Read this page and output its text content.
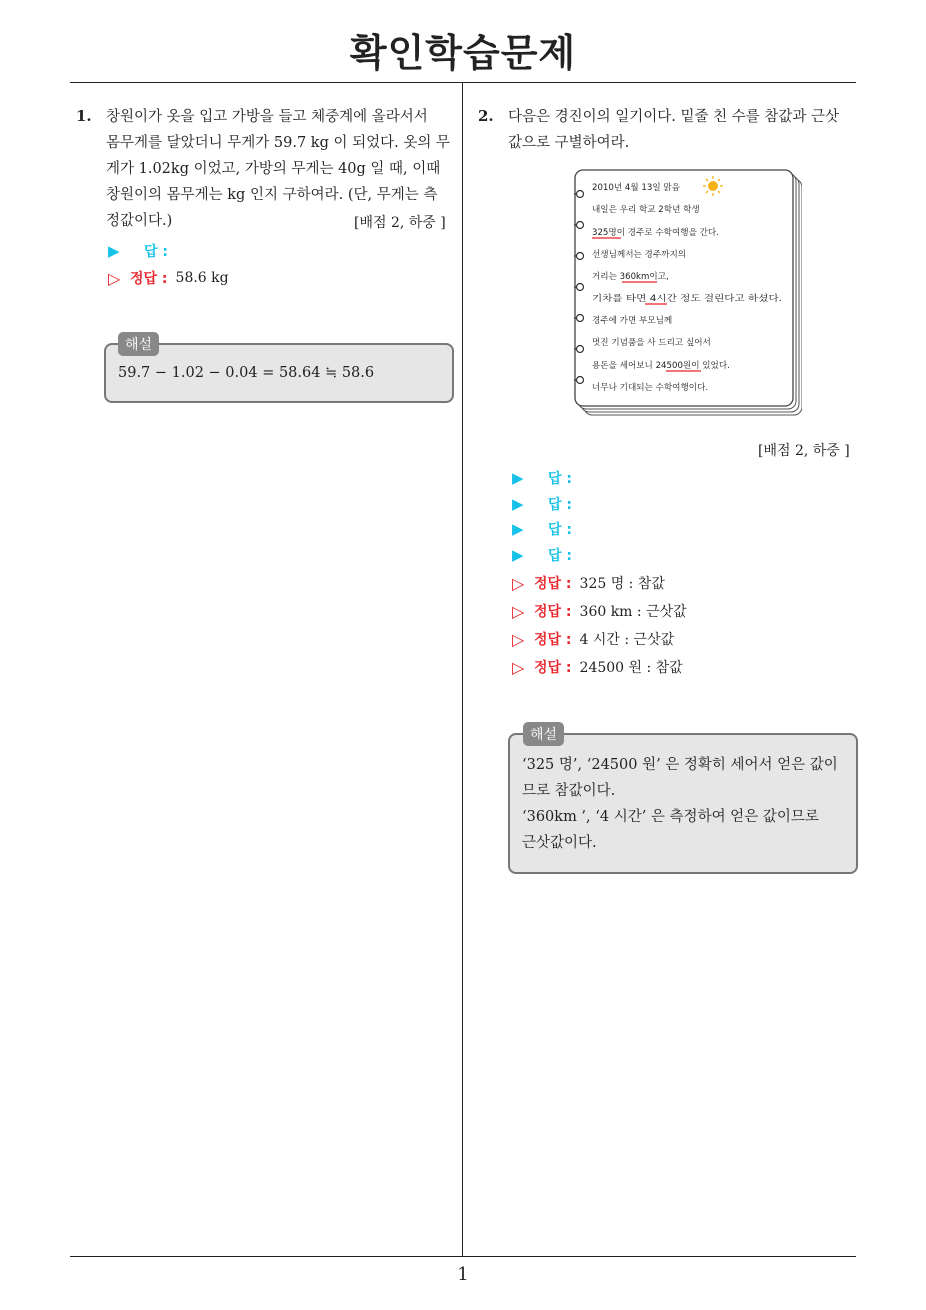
확인학습문제
1
1. 창원이가 옷을 입고 가방을 들고 체중계에 올라서서
몸무게를 달았더니 무게가 59.7 kg 이 되었다. 옷의 무
게가 1.02kg 이었고, 가방의 무게는 40g 일 때, 이때
창원이의 몸무게는 kg 인지 구하여라. (단, 무게는 측
정값이다.)	[배점 2, 하중 ]
▶	답 :
▷ 정답 : 58.6 kg
해설
59.7 − 1.02 − 0.04 = 58.64 ≒ 58.6
2. 다음은 경진이의 일기이다. 밑줄 친 수를 참값과 근삿
값으로 구별하여라.
2010년 4월 13일 맑음
내일은 우리 학교 2학년 학생
325명이 경주로 수학여행을 간다.
선생님께서는 경주까지의
거리는 360km이고,
기차를 타면 4시간 정도 걸린다고 하셨다.
경주에 가면 부모님께
멋진 기념품을 사 드리고 싶어서
용돈을 세어보니 24500원이 있었다.
너무나 기대되는 수학여행이다.
[배점 2, 하중 ]
▶	답 :
▶	답 :
▶	답 :
▶	답 :
▷ 정답 : 325 명 : 참값
▷ 정답 : 360 km : 근삿값
▷ 정답 : 4 시간 : 근삿값
▷ 정답 : 24500 원 : 참값
해설
‘325 명’, ‘24500 원’ 은 정확히 세어서 얻은 값이
므로 참값이다.
‘360km ’, ‘4 시간’ 은 측정하여 얻은 값이므로
근삿값이다.
